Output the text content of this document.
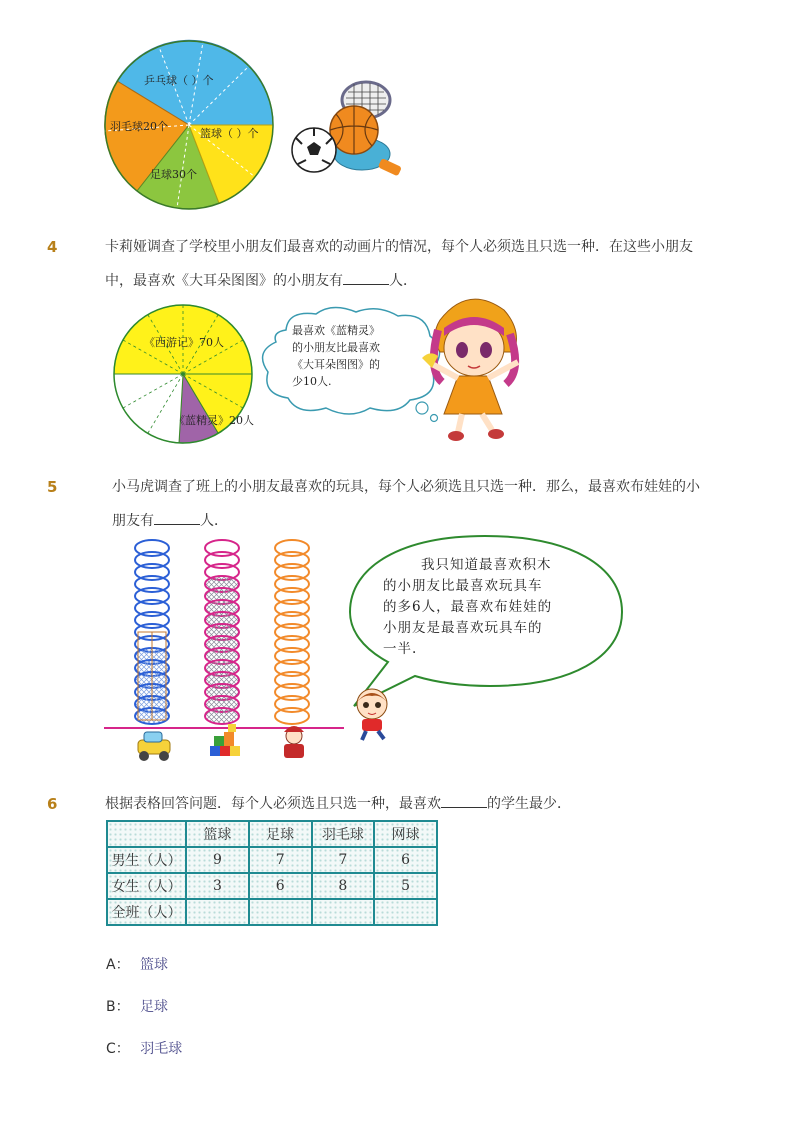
乒乓球（ ）个
羽毛球20个
篮球（ ）个
足球30个
4	卡莉娅调查了学校里小朋友们最喜欢的动画片的情况，每个人必须选且只选一种．在这些小朋友
中，最喜欢《大耳朵图图》的小朋友有	人．
《西游记》70人
《蓝精灵》20人
最喜欢《蓝精灵》
的小朋友比最喜欢
《大耳朵图图》的
少10人.
5	小马虎调查了班上的小朋友最喜欢的玩具，每个人必须选且只选一种．那么，最喜欢布娃娃的小
朋友有	人．
我只知道最喜欢积木
的小朋友比最喜欢玩具车
的多6人，最喜欢布娃娃的
小朋友是最喜欢玩具车的
一半.
6	根据表格回答问题．每个人必须选且只选一种，最喜欢	的学生最少．
	篮球	足球	羽毛球	网球
男生（人）	9	7	7	6
女生（人）	3	6	8	5
全班（人）				
A： 篮球
B： 足球
C： 羽毛球
